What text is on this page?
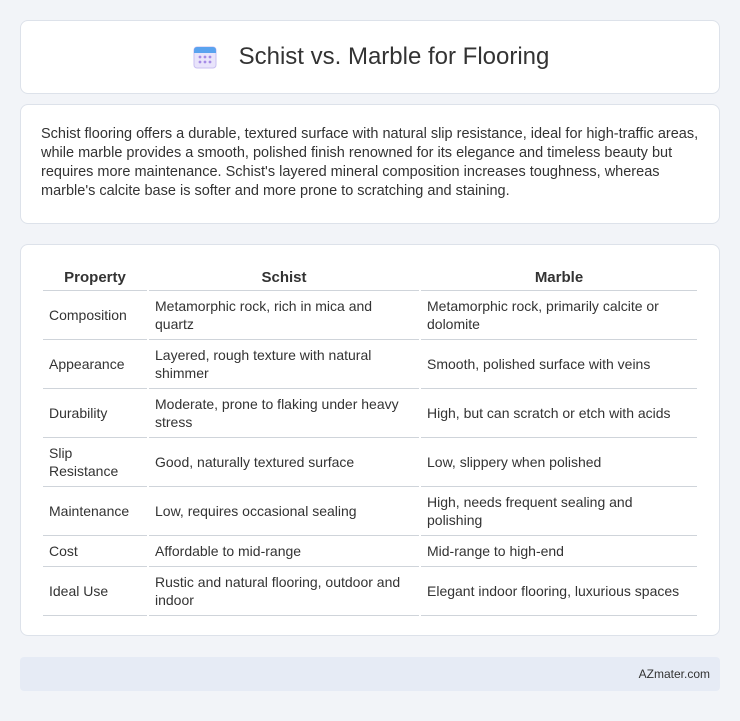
Schist vs. Marble for Flooring

Schist flooring offers a durable, textured surface with natural slip resistance, ideal for high-traffic areas, while marble provides a smooth, polished finish renowned for its elegance and timeless beauty but requires more maintenance. Schist's layered mineral composition increases toughness, whereas marble's calcite base is softer and more prone to scratching and staining.

Property	Schist	Marble
Composition	Metamorphic rock, rich in mica and quartz	Metamorphic rock, primarily calcite or dolomite
Appearance	Layered, rough texture with natural shimmer	Smooth, polished surface with veins
Durability	Moderate, prone to flaking under heavy stress	High, but can scratch or etch with acids
Slip Resistance	Good, naturally textured surface	Low, slippery when polished
Maintenance	Low, requires occasional sealing	High, needs frequent sealing and polishing
Cost	Affordable to mid-range	Mid-range to high-end
Ideal Use	Rustic and natural flooring, outdoor and indoor	Elegant indoor flooring, luxurious spaces
AZmater.com
